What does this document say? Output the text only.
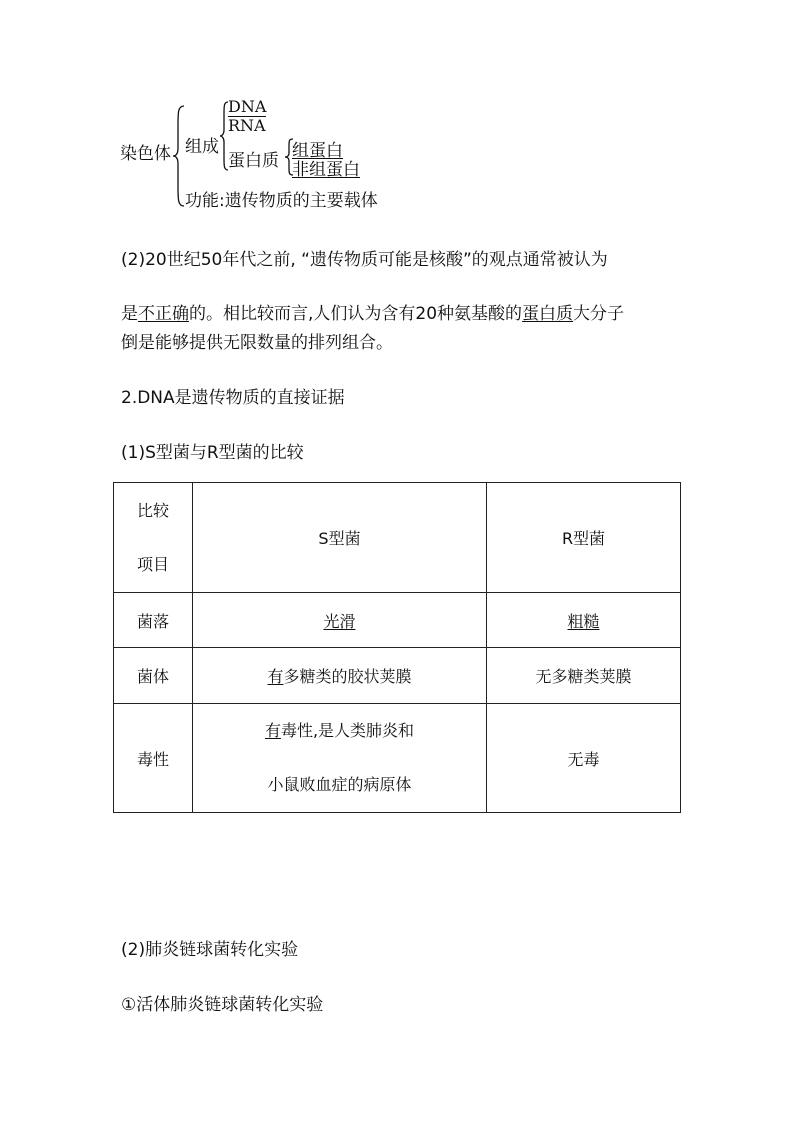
染色体 组成
DNA
RNA
蛋白质 组蛋白
非组蛋白
功能:遗传物质的主要载体
(2)20世纪50年代之前, “遗传物质可能是核酸”的观点通常被认为
是不正确的。相比较而言,人们认为含有20种氨基酸的蛋白质大分子
倒是能够提供无限数量的排列组合。
2.DNA是遗传物质的直接证据
(1)S型菌与R型菌的比较
比较
项目	S型菌	R型菌
菌落	光滑	粗糙
菌体	有多糖类的胶状荚膜	无多糖类荚膜
毒性	有毒性,是人类肺炎和
小鼠败血症的病原体	无毒
(2)肺炎链球菌转化实验
①活体肺炎链球菌转化实验
